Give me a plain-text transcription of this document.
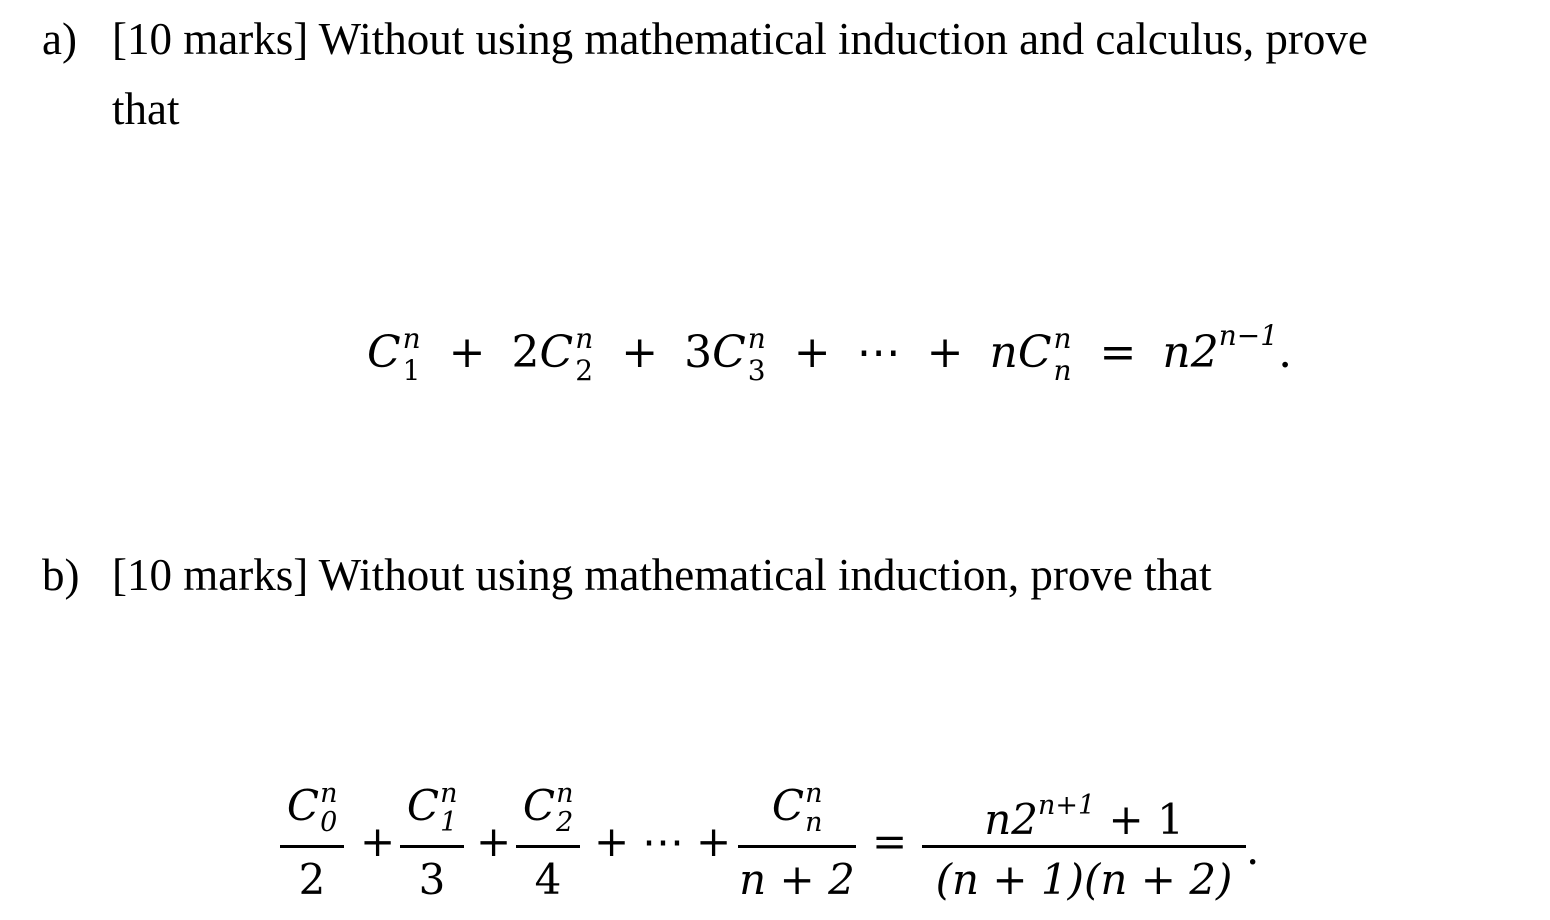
a) [10 marks] Without using mathematical induction and calculus, prove
that
C n
1 + 2C n
2 + 3C n
3 + ⋯ + nC n
$n = n2^{n-1}$.
b) [10 marks] Without using mathematical induction, prove that
C n
0
2
+
C n
1
3
+
C n
2
4
+ ⋯ +
C n
n
n + 2
=	$n2^{n+1} + 1$
(n + 1)(n + 2)
.
